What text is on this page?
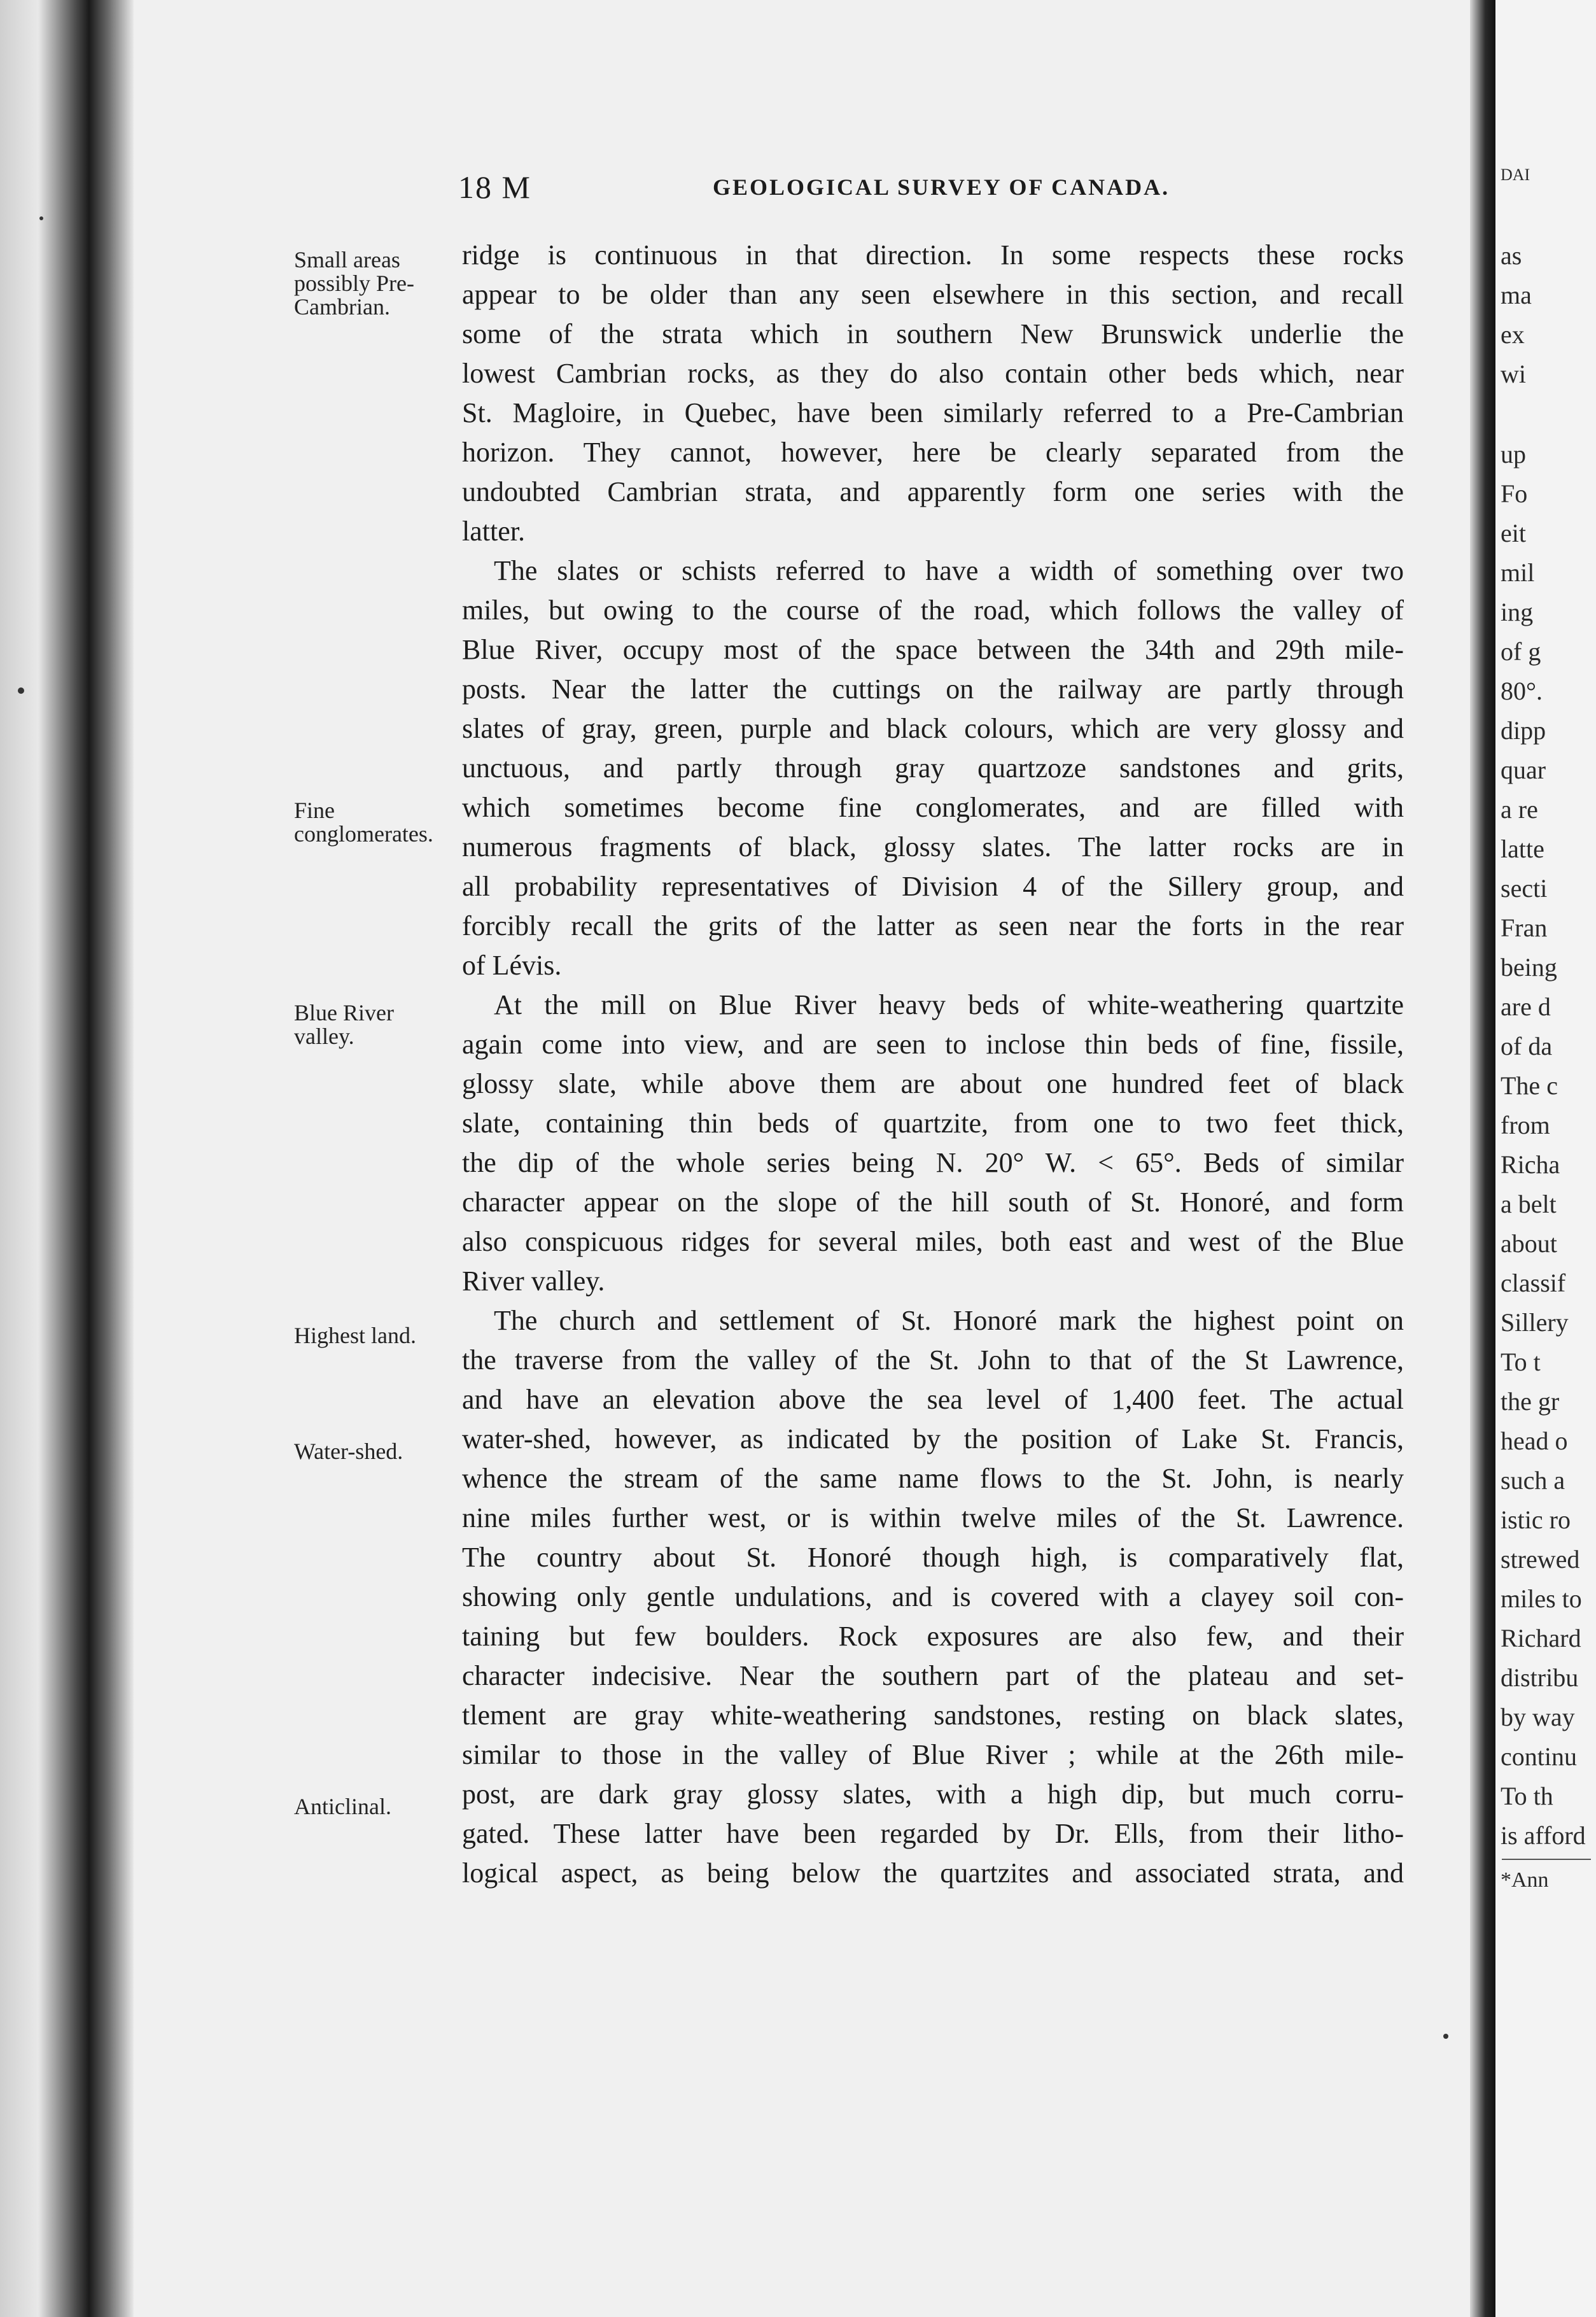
DAI
as
ma
ex
wi
up
Fo
eit
mil
ing
of g
80°.
dipp
quar
a re
latte
secti
Fran
being
are d
of da
The c
from
Richa
a belt
about
classif
Sillery
To t
the gr
head o
such a
istic ro
strewed
miles to
Richard
distribu
by way
continu
To th
is afford
*Ann
18 M	GEOLOGICAL SURVEY OF CANADA.
Small areas possibly Pre-Cambrian.
Fine conglomerates.
Blue River valley.
Highest land.
Water-shed.
Anticlinal.
ridge is continuous in that direction. In some respects these rocks
appear to be older than any seen elsewhere in this section, and recall
some of the strata which in southern New Brunswick underlie the
lowest Cambrian rocks, as they do also contain other beds which, near
St. Magloire, in Quebec, have been similarly referred to a Pre-Cambrian
horizon. They cannot, however, here be clearly separated from the
undoubted Cambrian strata, and apparently form one series with the
latter.
The slates or schists referred to have a width of something over two
miles, but owing to the course of the road, which follows the valley of
Blue River, occupy most of the space between the 34th and 29th mile-
posts. Near the latter the cuttings on the railway are partly through
slates of gray, green, purple and black colours, which are very glossy and
unctuous, and partly through gray quartzoze sandstones and grits,
which sometimes become fine conglomerates, and are filled with
numerous fragments of black, glossy slates. The latter rocks are in
all probability representatives of Division 4 of the Sillery group, and
forcibly recall the grits of the latter as seen near the forts in the rear
of Lévis.
At the mill on Blue River heavy beds of white-weathering quartzite
again come into view, and are seen to inclose thin beds of fine, fissile,
glossy slate, while above them are about one hundred feet of black
slate, containing thin beds of quartzite, from one to two feet thick,
the dip of the whole series being N. 20° W. < 65°. Beds of similar
character appear on the slope of the hill south of St. Honoré, and form
also conspicuous ridges for several miles, both east and west of the Blue
River valley.
The church and settlement of St. Honoré mark the highest point on
the traverse from the valley of the St. John to that of the St Lawrence,
and have an elevation above the sea level of 1,400 feet. The actual
water-shed, however, as indicated by the position of Lake St. Francis,
whence the stream of the same name flows to the St. John, is nearly
nine miles further west, or is within twelve miles of the St. Lawrence.
The country about St. Honoré though high, is comparatively flat,
showing only gentle undulations, and is covered with a clayey soil con-
taining but few boulders. Rock exposures are also few, and their
character indecisive. Near the southern part of the plateau and set-
tlement are gray white-weathering sandstones, resting on black slates,
similar to those in the valley of Blue River ; while at the 26th mile-
post, are dark gray glossy slates, with a high dip, but much corru-
gated. These latter have been regarded by Dr. Ells, from their litho-
logical aspect, as being below the quartzites and associated strata, and
